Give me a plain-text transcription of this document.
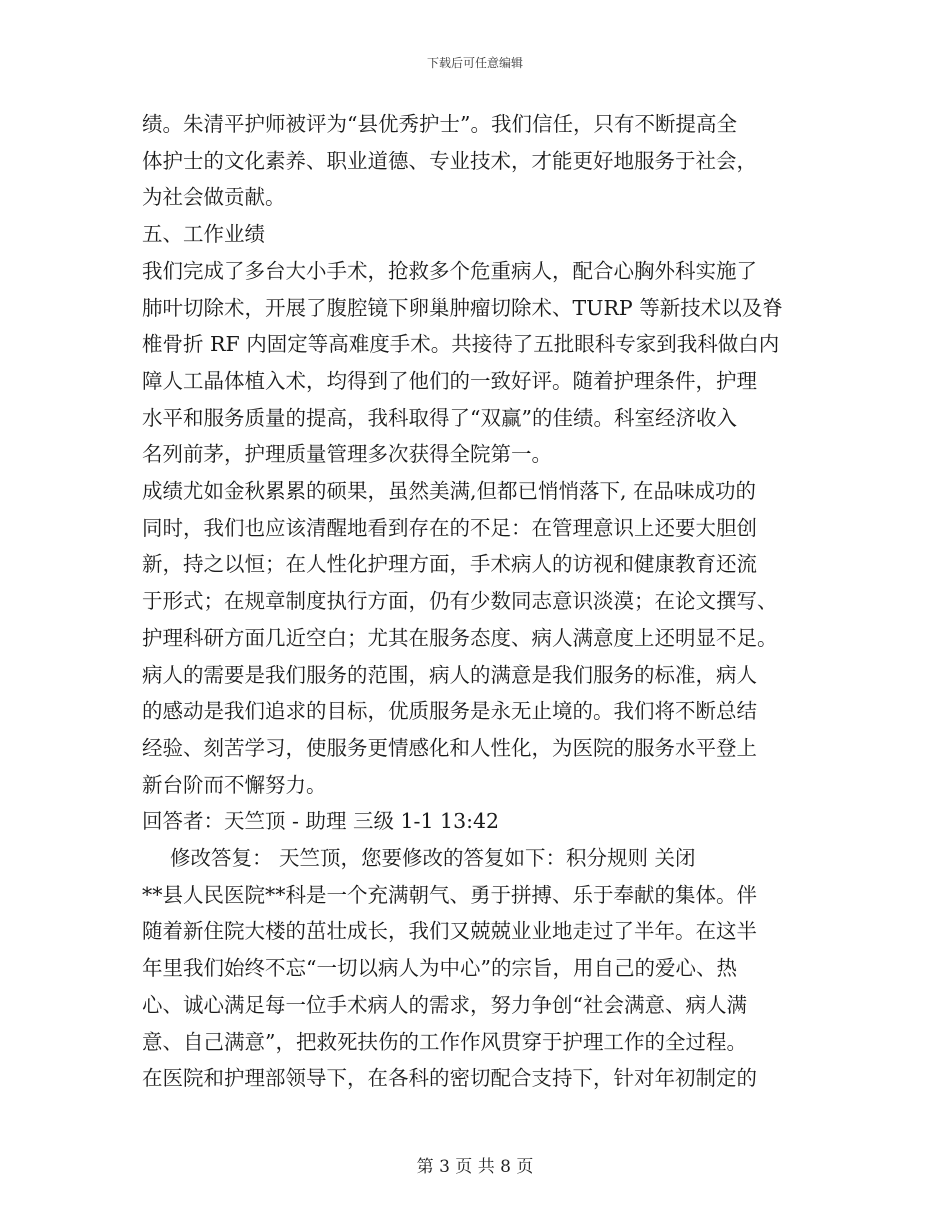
下载后可任意编辑
绩。朱清平护师被评为“县优秀护士”。我们信任，只有不断提高全
体护士的文化素养、职业道德、专业技术，才能更好地服务于社会，
为社会做贡献。
五、工作业绩
我们完成了多台大小手术，抢救多个危重病人，配合心胸外科实施了
肺叶切除术，开展了腹腔镜下卵巢肿瘤切除术、TURP 等新技术以及脊
椎骨折 RF 内固定等高难度手术。共接待了五批眼科专家到我科做白内
障人工晶体植入术，均得到了他们的一致好评。随着护理条件，护理
水平和服务质量的提高，我科取得了“双赢”的佳绩。科室经济收入
名列前茅，护理质量管理多次获得全院第一。
成绩尤如金秋累累的硕果，虽然美满,但都已悄悄落下, 在品味成功的
同时，我们也应该清醒地看到存在的不足：在管理意识上还要大胆创
新，持之以恒；在人性化护理方面，手术病人的访视和健康教育还流
于形式；在规章制度执行方面，仍有少数同志意识淡漠；在论文撰写、
护理科研方面几近空白；尤其在服务态度、病人满意度上还明显不足。
病人的需要是我们服务的范围，病人的满意是我们服务的标准，病人
的感动是我们追求的目标，优质服务是永无止境的。我们将不断总结
经验、刻苦学习，使服务更情感化和人性化，为医院的服务水平登上
新台阶而不懈努力。
回答者：天竺顶 - 助理 三级 1-1 13:42
修改答复： 天竺顶，您要修改的答复如下：积分规则 关闭
**县人民医院**科是一个充满朝气、勇于拼搏、乐于奉献的集体。伴
随着新住院大楼的茁壮成长，我们又兢兢业业地走过了半年。在这半
年里我们始终不忘“一切以病人为中心”的宗旨，用自己的爱心、热
心、诚心满足每一位手术病人的需求，努力争创“社会满意、病人满
意、自己满意”，把救死扶伤的工作作风贯穿于护理工作的全过程。
在医院和护理部领导下，在各科的密切配合支持下，针对年初制定的
第 3 页 共 8 页
